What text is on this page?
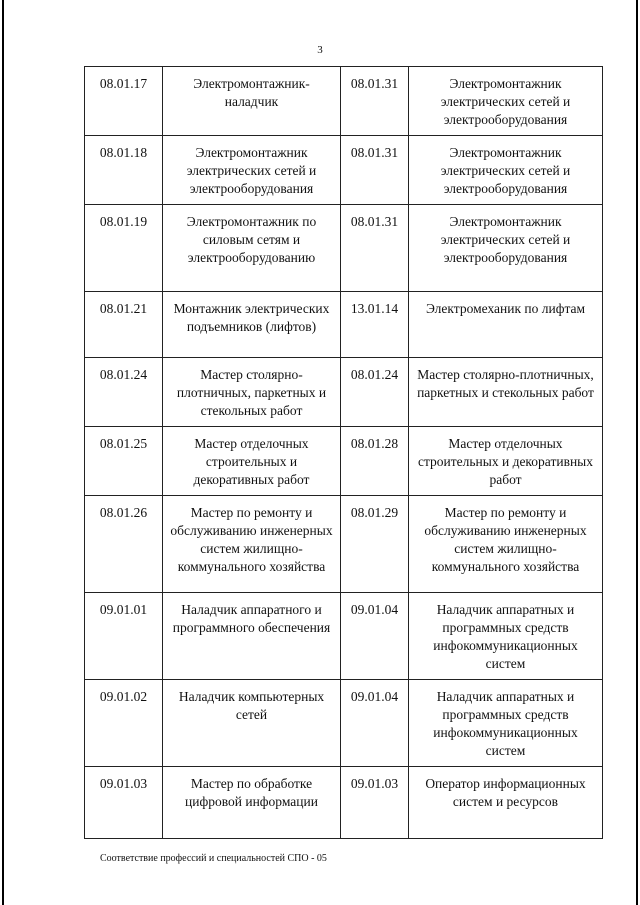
3
08.01.17	Электромонтажник-наладчик	08.01.31	Электромонтажник электрических сетей и электрооборудования
08.01.18	Электромонтажник электрических сетей и электрооборудования	08.01.31	Электромонтажник электрических сетей и электрооборудования
08.01.19	Электромонтажник по силовым сетям и электрооборудованию	08.01.31	Электромонтажник электрических сетей и электрооборудования
08.01.21	Монтажник электрических подъемников (лифтов)	13.01.14	Электромеханик по лифтам
08.01.24	Мастер столярно-плотничных, паркетных и стекольных работ	08.01.24	Мастер столярно-плотничных, паркетных и стекольных работ
08.01.25	Мастер отделочных строительных и декоративных работ	08.01.28	Мастер отделочных строительных и декоративных работ
08.01.26	Мастер по ремонту и обслуживанию инженерных систем жилищно-коммунального хозяйства	08.01.29	Мастер по ремонту и обслуживанию инженерных систем жилищно-коммунального хозяйства
09.01.01	Наладчик аппаратного и программного обеспечения	09.01.04	Наладчик аппаратных и программных средств инфокоммуникационных систем
09.01.02	Наладчик компьютерных сетей	09.01.04	Наладчик аппаратных и программных средств инфокоммуникационных систем
09.01.03	Мастер по обработке цифровой информации	09.01.03	Оператор информационных систем и ресурсов
Соответствие профессий и специальностей СПО - 05
